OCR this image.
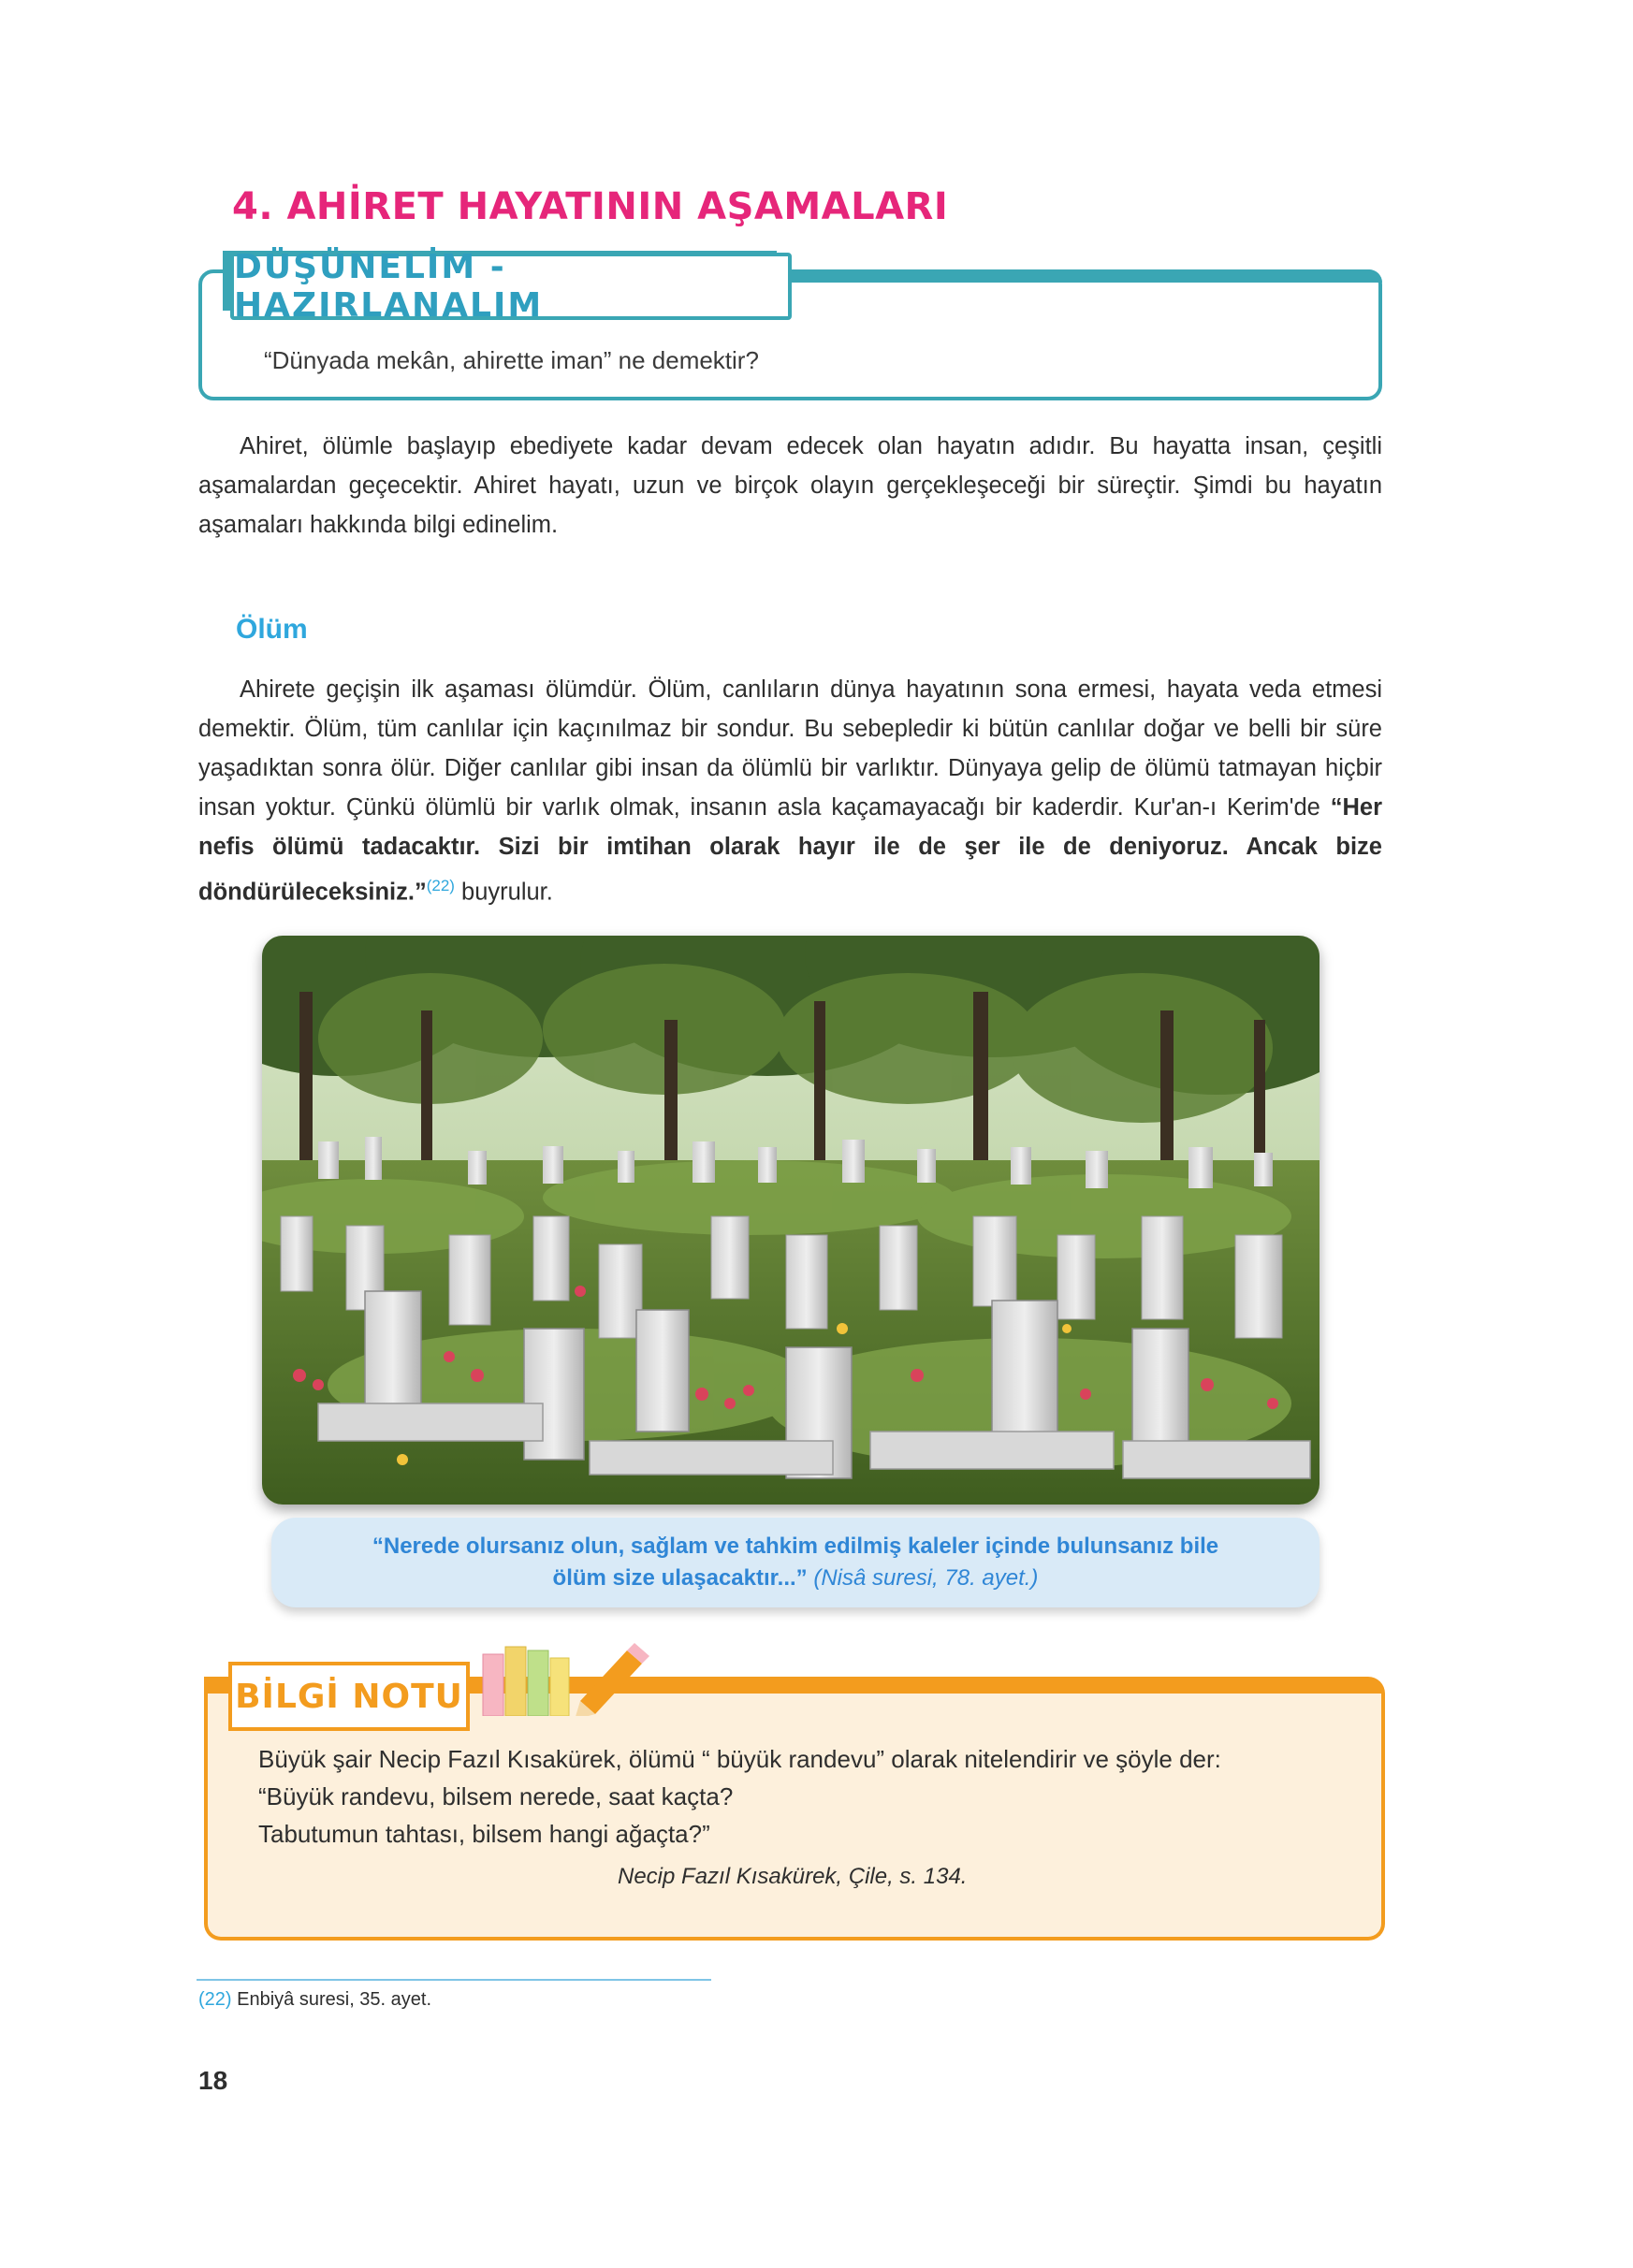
4. AHİRET HAYATININ AŞAMALARI
DÜŞÜNELİM - HAZIRLANALIM
“Dünyada mekân, ahirette iman” ne demektir?

Ahiret, ölümle başlayıp ebediyete kadar devam edecek olan hayatın adıdır. Bu hayatta insan, çeşitli aşamalardan geçecektir. Ahiret hayatı, uzun ve birçok olayın gerçekleşeceği bir süreçtir. Şimdi bu hayatın aşamaları hakkında bilgi edinelim.

Ölüm

Ahirete geçişin ilk aşaması ölümdür. Ölüm, canlıların dünya hayatının sona ermesi, hayata veda etmesi demektir. Ölüm, tüm canlılar için kaçınılmaz bir sondur. Bu sebepledir ki bütün canlılar doğar ve belli bir süre yaşadıktan sonra ölür. Diğer canlılar gibi insan da ölümlü bir varlıktır. Dünyaya gelip de ölümü tatmayan hiçbir insan yoktur. Çünkü ölümlü bir varlık olmak, insanın asla kaçamayacağı bir kaderdir. Kur'an-ı Kerim'de “Her nefis ölümü tadacaktır. Sizi bir imtihan olarak hayır ile de şer ile de deniyoruz. Ancak bize döndürüleceksiniz.”$^{(22)}$ buyrulur.

“Nerede olursanız olun, sağlam ve tahkim edilmiş kaleler içinde bulunsanız bile
ölüm size ulaşacaktır...” (Nisâ suresi, 78. ayet.)
BİLGİ NOTU
Büyük şair Necip Fazıl Kısakürek, ölümü “ büyük randevu” olarak nitelendirir ve şöyle der:
“Büyük randevu, bilsem nerede, saat kaçta?
Tabutumun tahtası, bilsem hangi ağaçta?”
Necip Fazıl Kısakürek, Çile, s. 134.
(22) Enbiyâ suresi, 35. ayet.
18
